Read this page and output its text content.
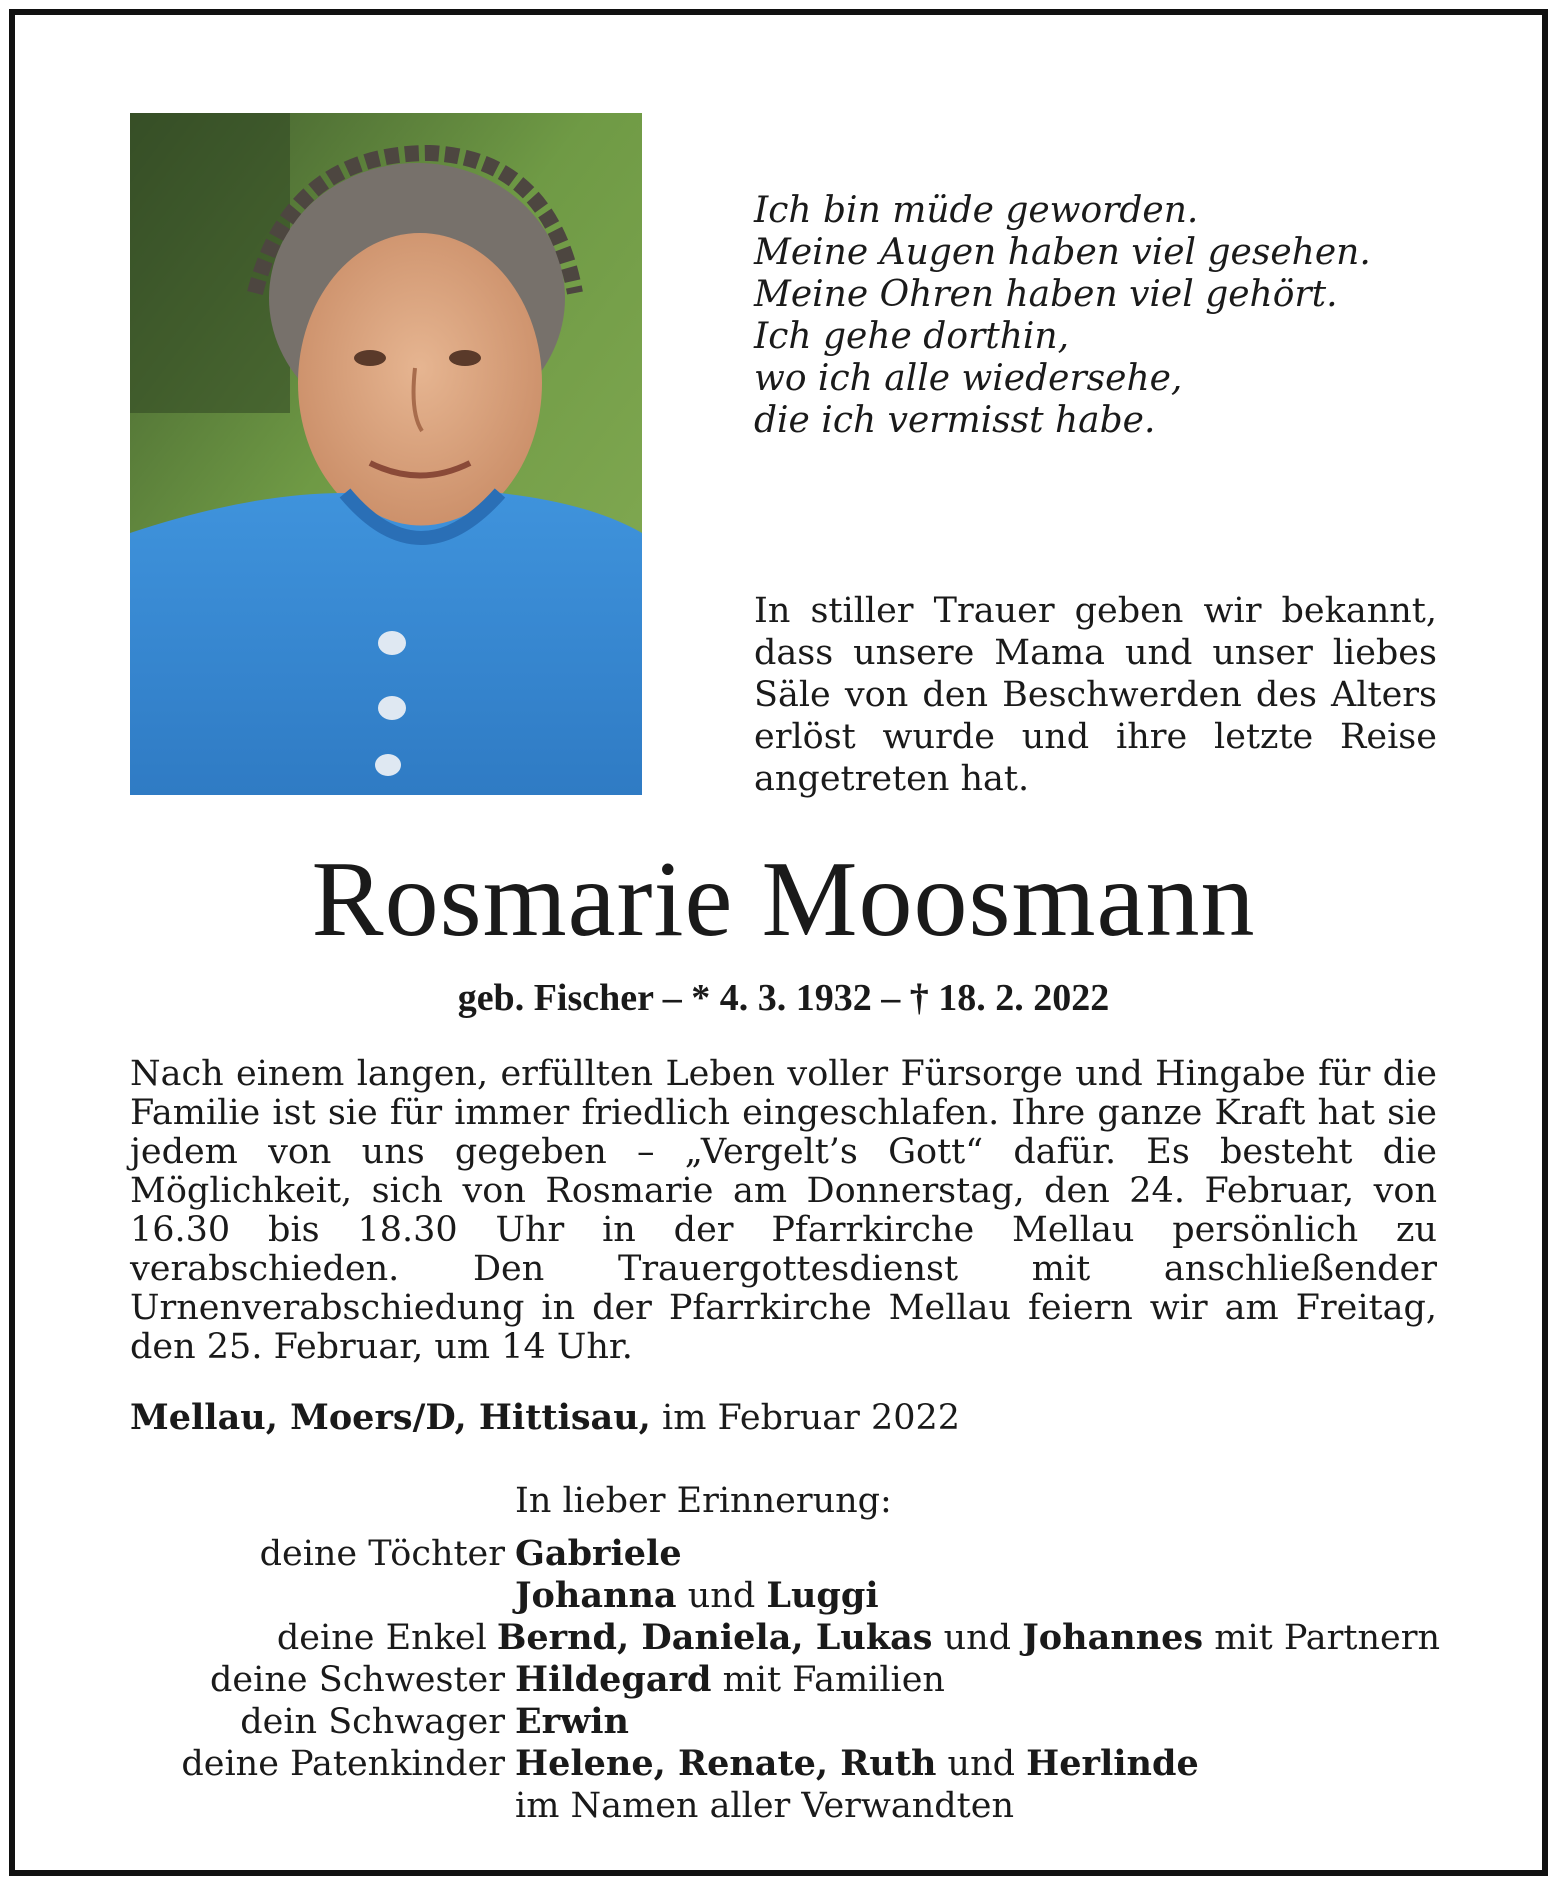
Ich bin müde geworden.
Meine Augen haben viel gesehen.
Meine Ohren haben viel gehört.
Ich gehe dorthin,
wo ich alle wiedersehe,
die ich vermisst habe.
In stiller Trauer geben wir bekannt, dass unsere Mama und unser liebes Säle von den Beschwerden des Alters erlöst wurde und ihre letzte Reise angetreten hat.
Rosmarie Moosmann
geb. Fischer – * 4. 3. 1932 – † 18. 2. 2022
Nach einem langen, erfüllten Leben voller Fürsorge und Hingabe für die Familie ist sie für immer friedlich eingeschlafen. Ihre ganze Kraft hat sie jedem von uns gegeben – „Vergelt’s Gott“ dafür. Es besteht die Möglichkeit, sich von Rosmarie am Donnerstag, den 24. Februar, von 16.30 bis 18.30 Uhr in der Pfarrkirche Mellau persönlich zu verabschieden. Den Trauergottesdienst mit anschließender Urnenverabschiedung in der Pfarrkirche Mellau feiern wir am Freitag, den 25. Februar, um 14 Uhr.
Mellau, Moers/D, Hittisau, im Februar 2022
In lieber Erinnerung:
deine Töchter Gabriele
Johanna und Luggi
deine Enkel Bernd, Daniela, Lukas und Johannes mit Partnern
deine Schwester Hildegard mit Familien
dein Schwager Erwin
deine Patenkinder Helene, Renate, Ruth und Herlinde
im Namen aller Verwandten
